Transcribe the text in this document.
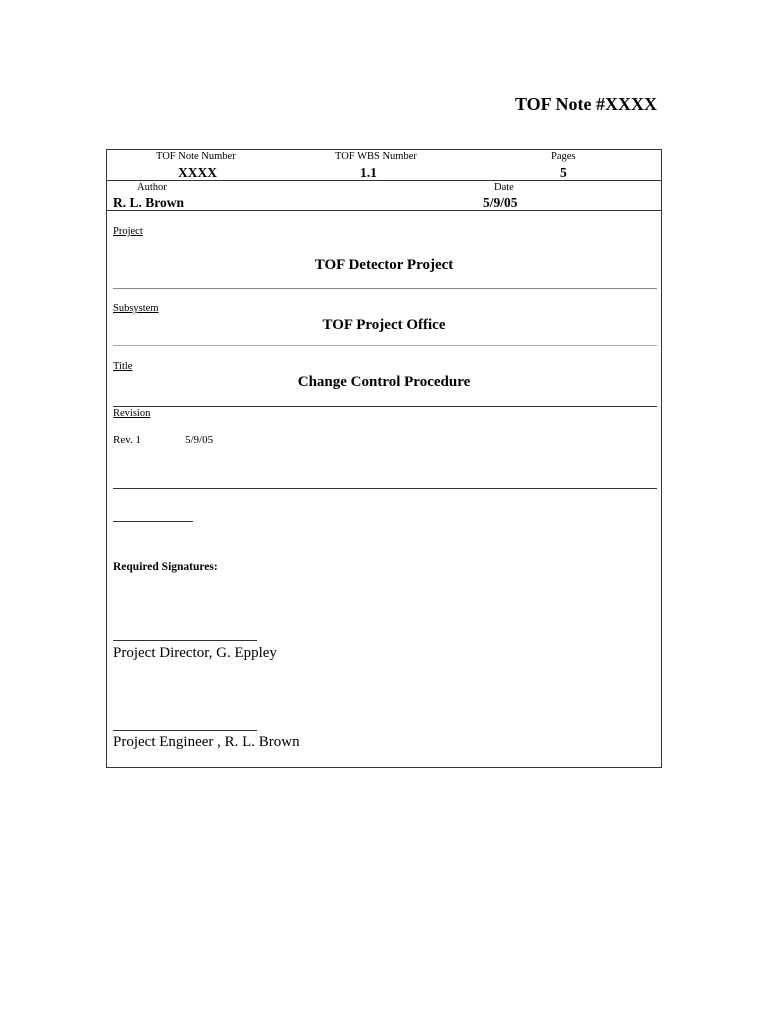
TOF Note #XXXX
TOF Note Number
XXXX
TOF WBS Number
1.1
Pages
5
Author
R. L. Brown
Date
5/9/05
Project
TOF Detector Project
Subsystem
TOF Project Office
Title
Change Control Procedure
Revision
Rev. 1	5/9/05
Required Signatures:
Project Director, G. Eppley
Project Engineer , R. L. Brown
